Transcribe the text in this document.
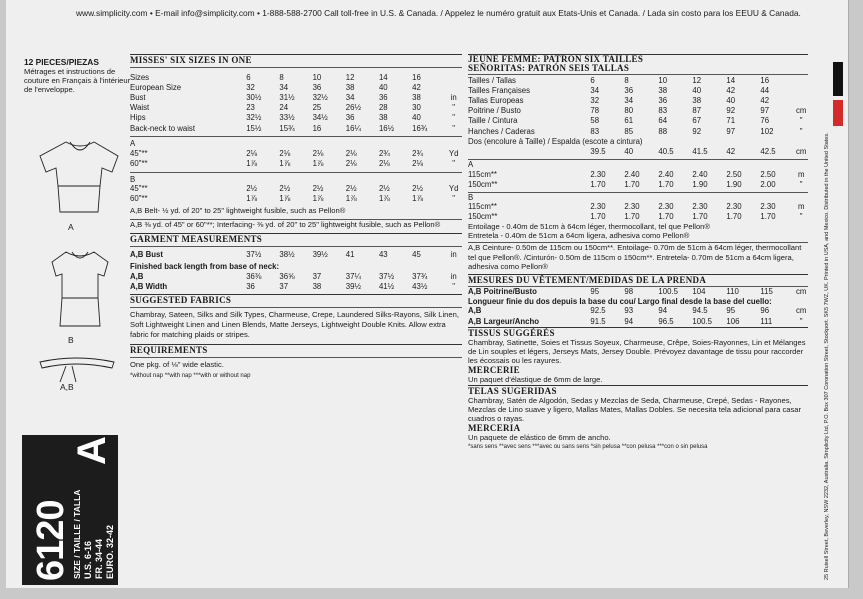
www.simplicity.com • E-mail info@simplicity.com • 1-888-588-2700 Call toll-free in U.S. & Canada. / Appelez le numéro gratuit aux Etats-Unis et Canada. / Lada sin costo para los EEUU & Canada.
12 PIECES/PIEZAS
Métrages et instructions de couture en Français à l'intérieur de l'enveloppe.
A
B
A,B
6120 SIZE / TAILLE / TALLA U.S. 6-16 FR. 34-44 EURO. 32-42
A
MISSES' SIX SIZES IN ONE
Sizes	6	8	10	12	14	16	
European Size	32	34	36	38	40	42	
Bust	30½	31½	32½	34	36	38	in
Waist	23	24	25	26½	28	30	"
Hips	32½	33½	34½	36	38	40	"
Back-neck to waist	15½	15¾	16	16¼	16½	16¾	"
A
45"**	2⅛	2⅛	2⅛	2⅛	2¾	2¾	Yd
60"**	1⅞	1⅞	1⅞	2⅛	2⅛	2⅛	"
B
45"**	2½	2½	2½	2½	2½	2½	Yd
60"**	1⅞	1⅞	1⅞	1⅞	1⅞	1⅞	"
A,B Belt- ½ yd. of 20" to 25" lightweight fusible, such as Pellon®
A,B ⅜ yd. of 45" or 60"**; Interfacing- ⅜ yd. of 20" to 25" lightweight fusible, such as Pellon®
GARMENT MEASUREMENTS
A,B Bust	37½	38½	39½	41	43	45	in
Finished back length from base of neck:
A,B	36⅜	36⅝	37	37¼	37½	37¾	in
A,B Width	36	37	38	39½	41½	43½	"
SUGGESTED FABRICS
Chambray, Sateen, Silks and Silk Types, Charmeuse, Crepe, Laundered Silks-Rayons, Silk Linen, Soft Lightweight Linen and Linen Blends, Matte Jerseys, Lightweight Double Knits. Allow extra fabric for matching plaids or stripes.
REQUIREMENTS
One pkg. of ⅛" wide elastic.
*without nap **with nap ***with or without nap
JEUNE FEMME: PATRON SIX TAILLES
SEÑORITAS: PATRÓN SEIS TALLAS
Tailles / Tallas	6	8	10	12	14	16	
Tailles Françaises	34	36	38	40	42	44	
Tallas Europeas	32	34	36	38	40	42	
Poitrine / Busto	78	80	83	87	92	97	cm
Taille / Cintura	58	61	64	67	71	76	"
Hanches / Caderas	83	85	88	92	97	102	"
Dos (encolure à Taille) / Espalda (escote a cintura)
	39.5	40	40.5	41.5	42	42.5	cm
A
115cm**	2.30	2.40	2.40	2.40	2.50	2.50	m
150cm**	1.70	1.70	1.70	1.90	1.90	2.00	"
B
115cm**	2.30	2.30	2.30	2.30	2.30	2.30	m
150cm**	1.70	1.70	1.70	1.70	1.70	1.70	"
Entoilage - 0.40m de 51cm à 64cm léger, thermocollant, tel que Pellon®
Entretela - 0.40m de 51cm a 64cm ligera, adhesiva como Pellon®
A,B Ceinture- 0.50m de 115cm ou 150cm**. Entoilage- 0.70m de 51cm à 64cm léger, thermocollant tel que Pellon®. /Cinturón- 0.50m de 115cm o 150cm**. Entretela- 0.70m de 51cm a 64cm ligera, adhesiva como Pellon®
MESURES DU VÊTEMENT/MEDIDAS DE LA PRENDA
A,B Poitrine/Busto	95	98	100.5	104	110	115	cm
Longueur finie du dos depuis la base du cou/ Largo final desde la base del cuello:
A,B	92.5	93	94	94.5	95	96	cm
A,B Largeur/Ancho	91.5	94	96.5	100.5	106	111	"
TISSUS SUGGÉRÉS
Chambray, Satinette, Soies et Tissus Soyeux, Charmeuse, Crêpe, Soies-Rayonnes, Lin et Mélanges de Lin souples et légers, Jerseys Mats, Jersey Double. Prévoyez davantage de tissu pour raccorder les écossais ou les rayures.
MERCERIE
Un paquet d'élastique de 6mm de large.
TELAS SUGERIDAS
Chambray, Satén de Algodón, Sedas y Mezclas de Seda, Charmeuse, Crepé, Sedas - Rayones, Mezclas de Lino suave y ligero, Mallas Mates, Mallas Dobles. Se necesita tela adicional para casar cuadros o rayas.
MERCERIA
Un paquete de elástico de 6mm de ancho.
*sans sens **avec sens ***avec ou sans sens *sin pelusa **con pelusa ***con o sin pelusa	25 Ruisell Street, Beverley, NSW 2232, Australia. Simplicity Ltd, P.O. Box 307 Coronation Street, Stockport. SK5 7WZ, UK. Printed in USA, and Mexico. Distributed in the United States.
